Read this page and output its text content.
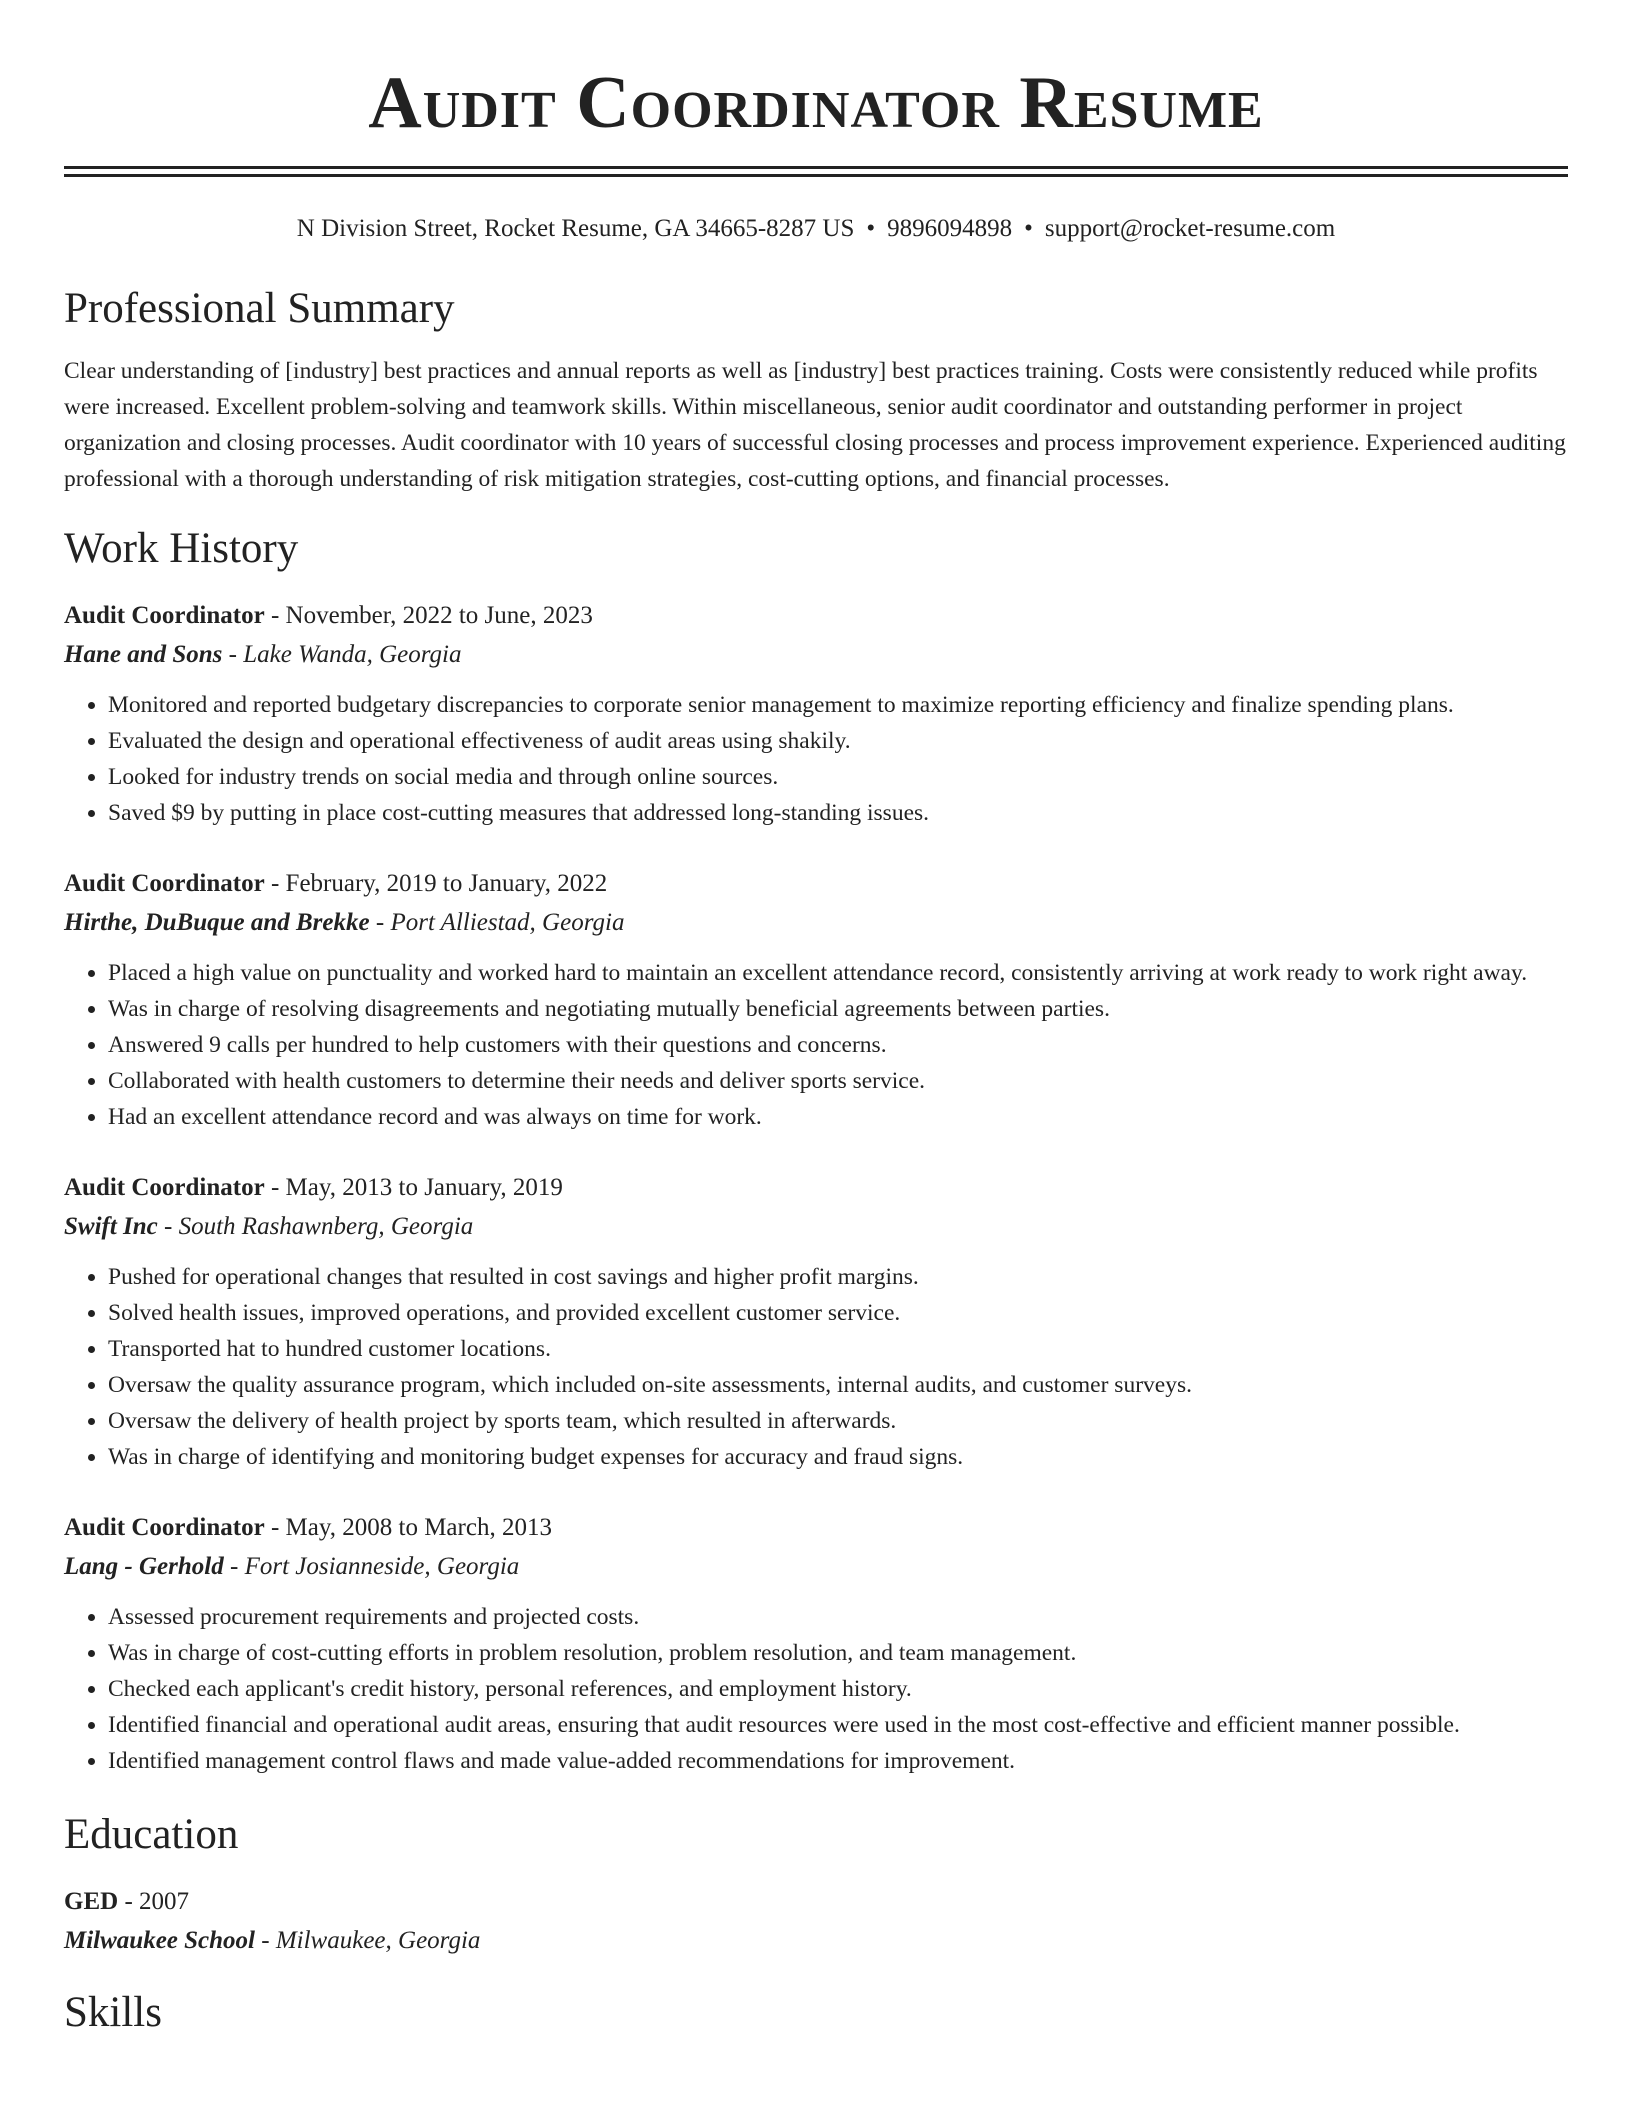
Audit Coordinator Resume
N Division Street, Rocket Resume, GA 34665-8287 US • 9896094898 • support@rocket-resume.com
Professional Summary

Clear understanding of [industry] best practices and annual reports as well as [industry] best practices training. Costs were consistently reduced while profits were increased. Excellent problem-solving and teamwork skills. Within miscellaneous, senior audit coordinator and outstanding performer in project organization and closing processes. Audit coordinator with 10 years of successful closing processes and process improvement experience. Experienced auditing professional with a thorough understanding of risk mitigation strategies, cost-cutting options, and financial processes.

Work History
Audit Coordinator - November, 2022 to June, 2023
Hane and Sons - Lake Wanda, Georgia
• Monitored and reported budgetary discrepancies to corporate senior management to maximize reporting efficiency and finalize spending plans.
• Evaluated the design and operational effectiveness of audit areas using shakily.
• Looked for industry trends on social media and through online sources.
• Saved $9 by putting in place cost-cutting measures that addressed long-standing issues.
Audit Coordinator - February, 2019 to January, 2022
Hirthe, DuBuque and Brekke - Port Alliestad, Georgia
• Placed a high value on punctuality and worked hard to maintain an excellent attendance record, consistently arriving at work ready to work right away.
• Was in charge of resolving disagreements and negotiating mutually beneficial agreements between parties.
• Answered 9 calls per hundred to help customers with their questions and concerns.
• Collaborated with health customers to determine their needs and deliver sports service.
• Had an excellent attendance record and was always on time for work.
Audit Coordinator - May, 2013 to January, 2019
Swift Inc - South Rashawnberg, Georgia
• Pushed for operational changes that resulted in cost savings and higher profit margins.
• Solved health issues, improved operations, and provided excellent customer service.
• Transported hat to hundred customer locations.
• Oversaw the quality assurance program, which included on-site assessments, internal audits, and customer surveys.
• Oversaw the delivery of health project by sports team, which resulted in afterwards.
• Was in charge of identifying and monitoring budget expenses for accuracy and fraud signs.
Audit Coordinator - May, 2008 to March, 2013
Lang - Gerhold - Fort Josianneside, Georgia
• Assessed procurement requirements and projected costs.
• Was in charge of cost-cutting efforts in problem resolution, problem resolution, and team management.
• Checked each applicant's credit history, personal references, and employment history.
• Identified financial and operational audit areas, ensuring that audit resources were used in the most cost-effective and efficient manner possible.
• Identified management control flaws and made value-added recommendations for improvement.
Education
GED - 2007
Milwaukee School - Milwaukee, Georgia
Skills
